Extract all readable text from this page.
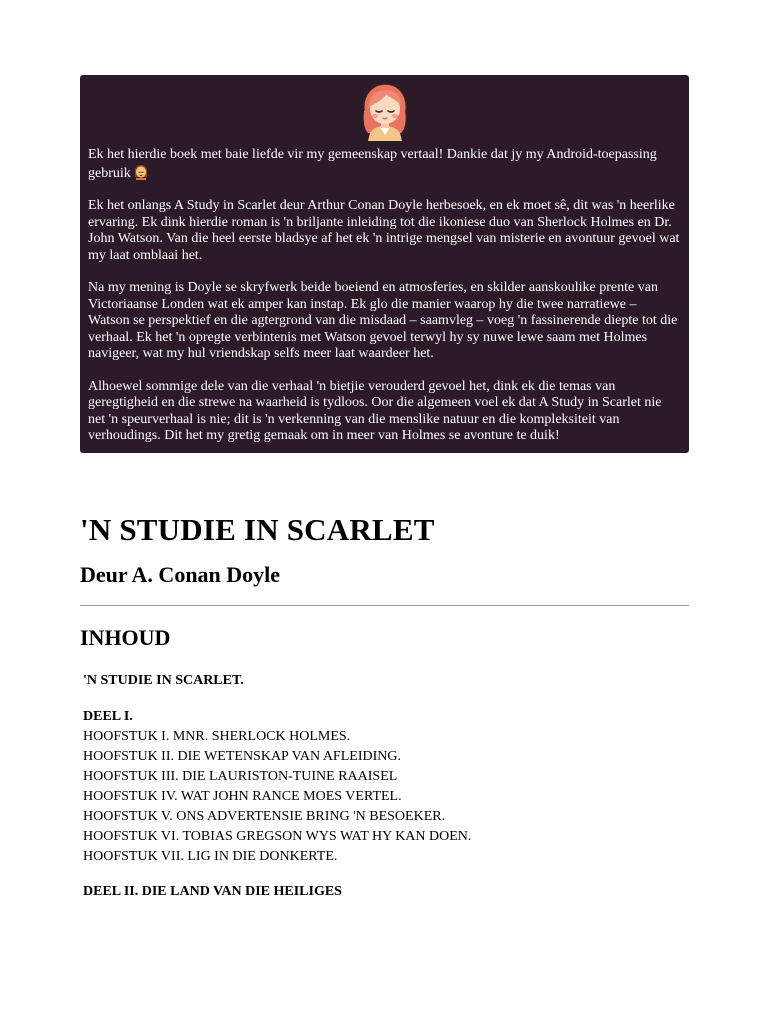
Ek het hierdie boek met baie liefde vir my gemeenskap vertaal! Dankie dat jy my Android-toepassing gebruik

Ek het onlangs A Study in Scarlet deur Arthur Conan Doyle herbesoek, en ek moet sê, dit was 'n heerlike ervaring. Ek dink hierdie roman is 'n briljante inleiding tot die ikoniese duo van Sherlock Holmes en Dr. John Watson. Van die heel eerste bladsye af het ek 'n intrige mengsel van misterie en avontuur gevoel wat my laat omblaai het.

Na my mening is Doyle se skryfwerk beide boeiend en atmosferies, en skilder aanskoulike prente van Victoriaanse Londen wat ek amper kan instap. Ek glo die manier waarop hy die twee narratiewe – Watson se perspektief en die agtergrond van die misdaad – saamvleg – voeg 'n fassinerende diepte tot die verhaal. Ek het 'n opregte verbintenis met Watson gevoel terwyl hy sy nuwe lewe saam met Holmes navigeer, wat my hul vriendskap selfs meer laat waardeer het.

Alhoewel sommige dele van die verhaal 'n bietjie verouderd gevoel het, dink ek die temas van geregtigheid en die strewe na waarheid is tydloos. Oor die algemeen voel ek dat A Study in Scarlet nie net 'n speurverhaal is nie; dit is 'n verkenning van die menslike natuur en die kompleksiteit van verhoudings. Dit het my gretig gemaak om in meer van Holmes se avonture te duik!

'N STUDIE IN SCARLET
Deur A. Conan Doyle
INHOUD
'N STUDIE IN SCARLET.
DEEL I.
HOOFSTUK I. MNR. SHERLOCK HOLMES.
HOOFSTUK II. DIE WETENSKAP VAN AFLEIDING.
HOOFSTUK III. DIE LAURISTON-TUINE RAAISEL
HOOFSTUK IV. WAT JOHN RANCE MOES VERTEL.
HOOFSTUK V. ONS ADVERTENSIE BRING 'N BESOEKER.
HOOFSTUK VI. TOBIAS GREGSON WYS WAT HY KAN DOEN.
HOOFSTUK VII. LIG IN DIE DONKERTE.
DEEL II. DIE LAND VAN DIE HEILIGES
